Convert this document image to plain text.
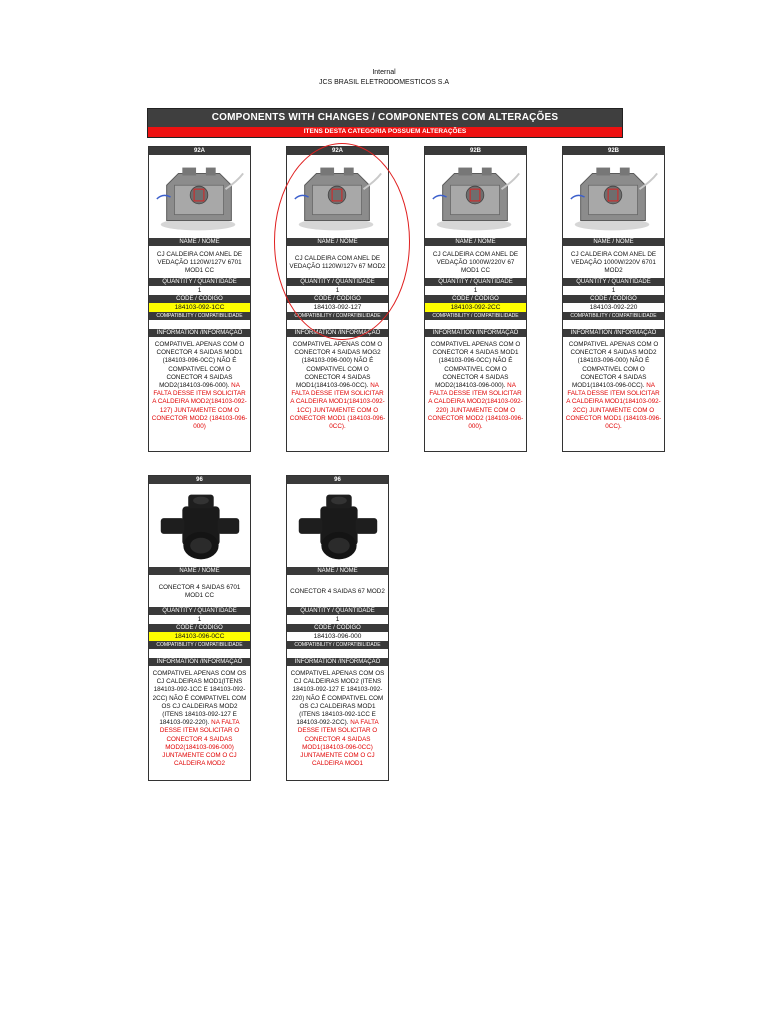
Internal
JCS BRASIL ELETRODOMESTICOS S.A
COMPONENTS WITH CHANGES / COMPONENTES COM ALTERAÇÕES
ITENS DESTA CATEGORIA POSSUEM ALTERAÇÕES
92A
NAME / NOME
CJ CALDEIRA COM ANEL DE VEDAÇÃO 1120W/127V 6701 MOD1 CC
QUANTITY / QUANTIDADE
1
CODE / CODIGO
184103-092-1CC
COMPATIBILITY / COMPATIBILIDADE
INFORMATION /INFORMAÇÃO
COMPATIVEL APENAS COM O CONECTOR 4 SAIDAS MOD1 (184103-096-0CC) NÃO É COMPATIVEL COM O CONECTOR 4 SAIDAS MOD2(184103-096-000). NA FALTA DESSE ITEM SOLICITAR A CALDEIRA MOD2(184103-092-127) JUNTAMENTE COM O CONECTOR MOD2 (184103-096-000)
92A
NAME / NOME
CJ CALDEIRA COM ANEL DE VEDAÇÃO 1120W/127v 67 MOD2
QUANTITY / QUANTIDADE
1
CODE / CODIGO
184103-092-127
COMPATIBILITY / COMPATIBILIDADE
INFORMATION /INFORMAÇÃO
COMPATIVEL APENAS COM O CONECTOR 4 SAIDAS MOG2 (184103-096-000) NÃO É COMPATIVEL COM O CONECTOR 4 SAIDAS MOD1(184103-096-0CC). NA FALTA DESSE ITEM SOLICITAR A CALDEIRA MOD1(184103-092-1CC) JUNTAMENTE COM O CONECTOR MOD1 (184103-096-0CC).
92B
NAME / NOME
CJ CALDEIRA COM ANEL DE VEDAÇÃO 1000W/220V 67 MOD1 CC
QUANTITY / QUANTIDADE
1
CODE / CODIGO
184103-092-2CC
COMPATIBILITY / COMPATIBILIDADE
INFORMATION /INFORMAÇÃO
COMPATIVEL APENAS COM O CONECTOR 4 SAIDAS MOD1 (184103-096-0CC) NÃO É COMPATIVEL COM O CONECTOR 4 SAIDAS MOD2(184103-096-000). NA FALTA DESSE ITEM SOLICITAR A CALDEIRA MOD2(184103-092-220) JUNTAMENTE COM O CONECTOR MOD2 (184103-096-000).
92B
NAME / NOME
CJ CALDEIRA COM ANEL DE VEDAÇÃO 1000W/220V 6701 MOD2
QUANTITY / QUANTIDADE
1
CODE / CODIGO
184103-092-220
COMPATIBILITY / COMPATIBILIDADE
INFORMATION /INFORMAÇÃO
COMPATIVEL APENAS COM O CONECTOR 4 SAIDAS MOD2 (184103-096-000) NÃO É COMPATIVEL COM O CONECTOR 4 SAIDAS MOD1(184103-096-0CC). NA FALTA DESSE ITEM SOLICITAR A CALDEIRA MOD1(184103-092-2CC) JUNTAMENTE COM O CONECTOR MOD1 (184103-096-0CC).
96
NAME / NOME
CONECTOR 4 SAIDAS 6701 MOD1 CC
QUANTITY / QUANTIDADE
1
CODE / CODIGO
184103-096-0CC
COMPATIBILITY / COMPATIBILIDADE
INFORMATION /INFORMAÇÃO
COMPATIVEL APENAS COM OS CJ CALDEIRAS MOD1(ITENS 184103-092-1CC E 184103-092-2CC) NÃO É COMPATIVEL COM OS CJ CALDEIRAS MOD2 (ITENS 184103-092-127 E 184103-092-220). NA FALTA DESSE ITEM SOLICITAR O CONECTOR 4 SAIDAS MOD2(184103-096-000) JUNTAMENTE COM O CJ CALDEIRA MOD2
96
NAME / NOME
CONECTOR 4 SAIDAS 67 MOD2
QUANTITY / QUANTIDADE
1
CODE / CODIGO
184103-096-000
COMPATIBILITY / COMPATIBILIDADE
INFORMATION /INFORMAÇÃO
COMPATIVEL APENAS COM OS CJ CALDEIRAS MOD2 (ITENS 184103-092-127 E 184103-092-220) NÃO É COMPATIVEL COM OS CJ CALDEIRAS MOD1 (ITENS 184103-092-1CC E 184103-092-2CC). NA FALTA DESSE ITEM SOLICITAR O CONECTOR 4 SAIDAS MOD1(184103-096-0CC) JUNTAMENTE COM O CJ CALDEIRA MOD1
